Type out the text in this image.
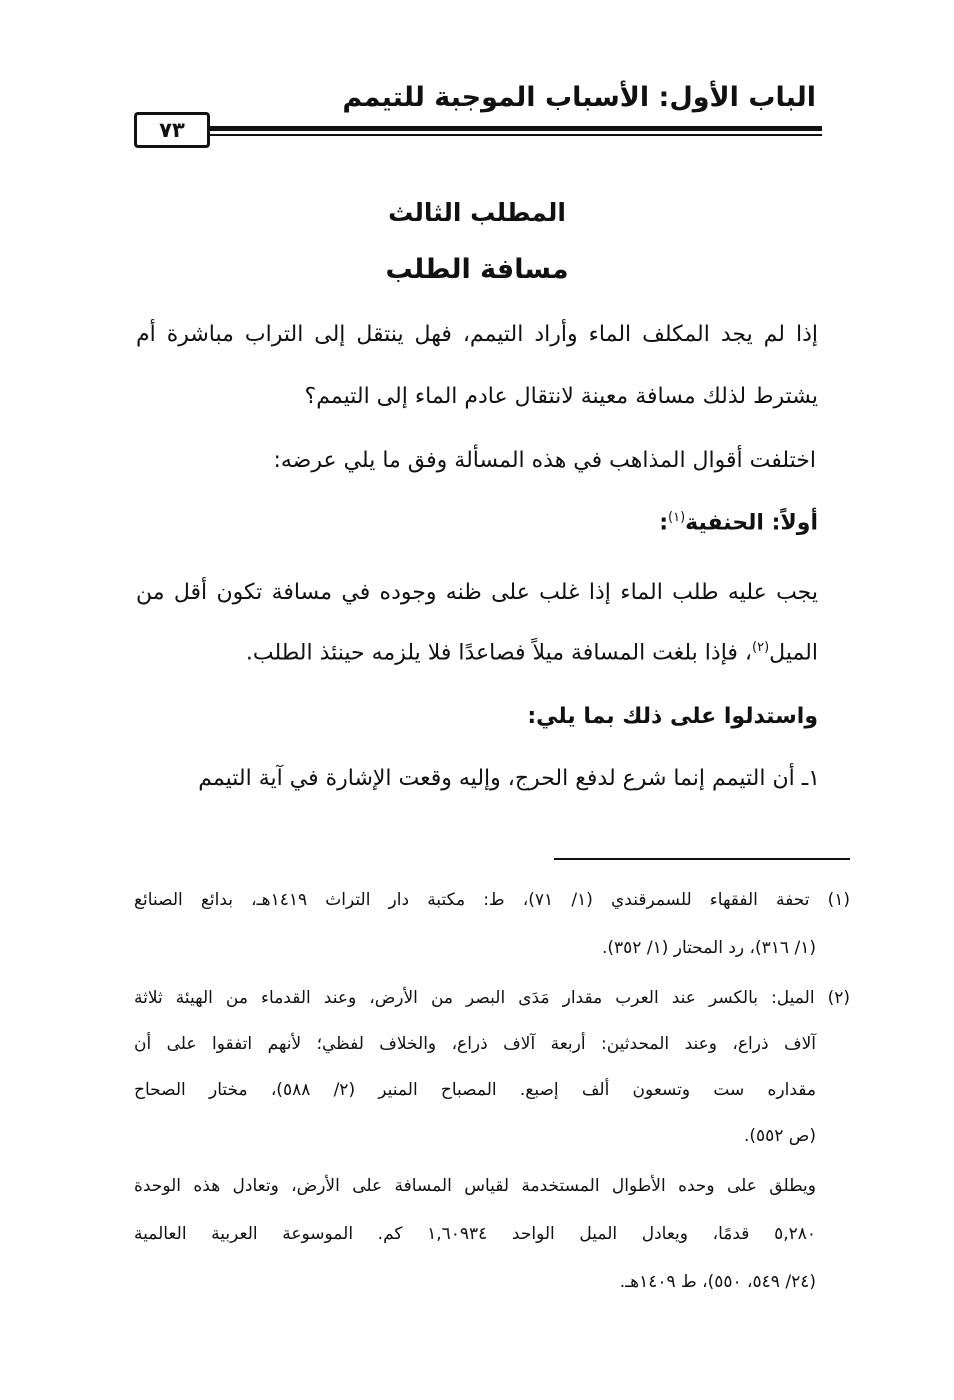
الباب الأول: الأسباب الموجبة للتيمم
٧٣
المطلب الثالث
مسافة الطلب
إذا لم يجد المكلف الماء وأراد التيمم، فهل ينتقل إلى التراب مباشرة أم
يشترط لذلك مسافة معينة لانتقال عادم الماء إلى التيمم؟
اختلفت أقوال المذاهب في هذه المسألة وفق ما يلي عرضه:
أولاً: الحنفية$^{(١)}$:
يجب عليه طلب الماء إذا غلب على ظنه وجوده في مسافة تكون أقل من
الميل$^{(٢)}$، فإذا بلغت المسافة ميلاً فصاعدًا فلا يلزمه حينئذ الطلب.
واستدلوا على ذلك بما يلي:
١ـ أن التيمم إنما شرع لدفع الحرج، وإليه وقعت الإشارة في آية التيمم
(١) تحفة الفقهاء للسمرقندي (١/ ٧١)، ط: مكتبة دار التراث ١٤١٩هـ، بدائع الصنائع
(١/ ٣١٦)، رد المحتار (١/ ٣٥٢).
(٢) الميل: بالكسر عند العرب مقدار مَدَى البصر من الأرض، وعند القدماء من الهيئة ثلاثة
آلاف ذراع، وعند المحدثين: أربعة آلاف ذراع، والخلاف لفظي؛ لأنهم اتفقوا على أن
مقداره ست وتسعون ألف إصبع. المصباح المنير (٢/ ٥٨٨)، مختار الصحاح
(ص ٥٥٢).
ويطلق على وحده الأطوال المستخدمة لقياس المسافة على الأرض، وتعادل هذه الوحدة
٥,٢٨٠ قدمًا، ويعادل الميل الواحد ١,٦٠٩٣٤ كم. الموسوعة العربية العالمية
(٢٤/ ٥٤٩، ٥٥٠)، ط ١٤٠٩هـ.
